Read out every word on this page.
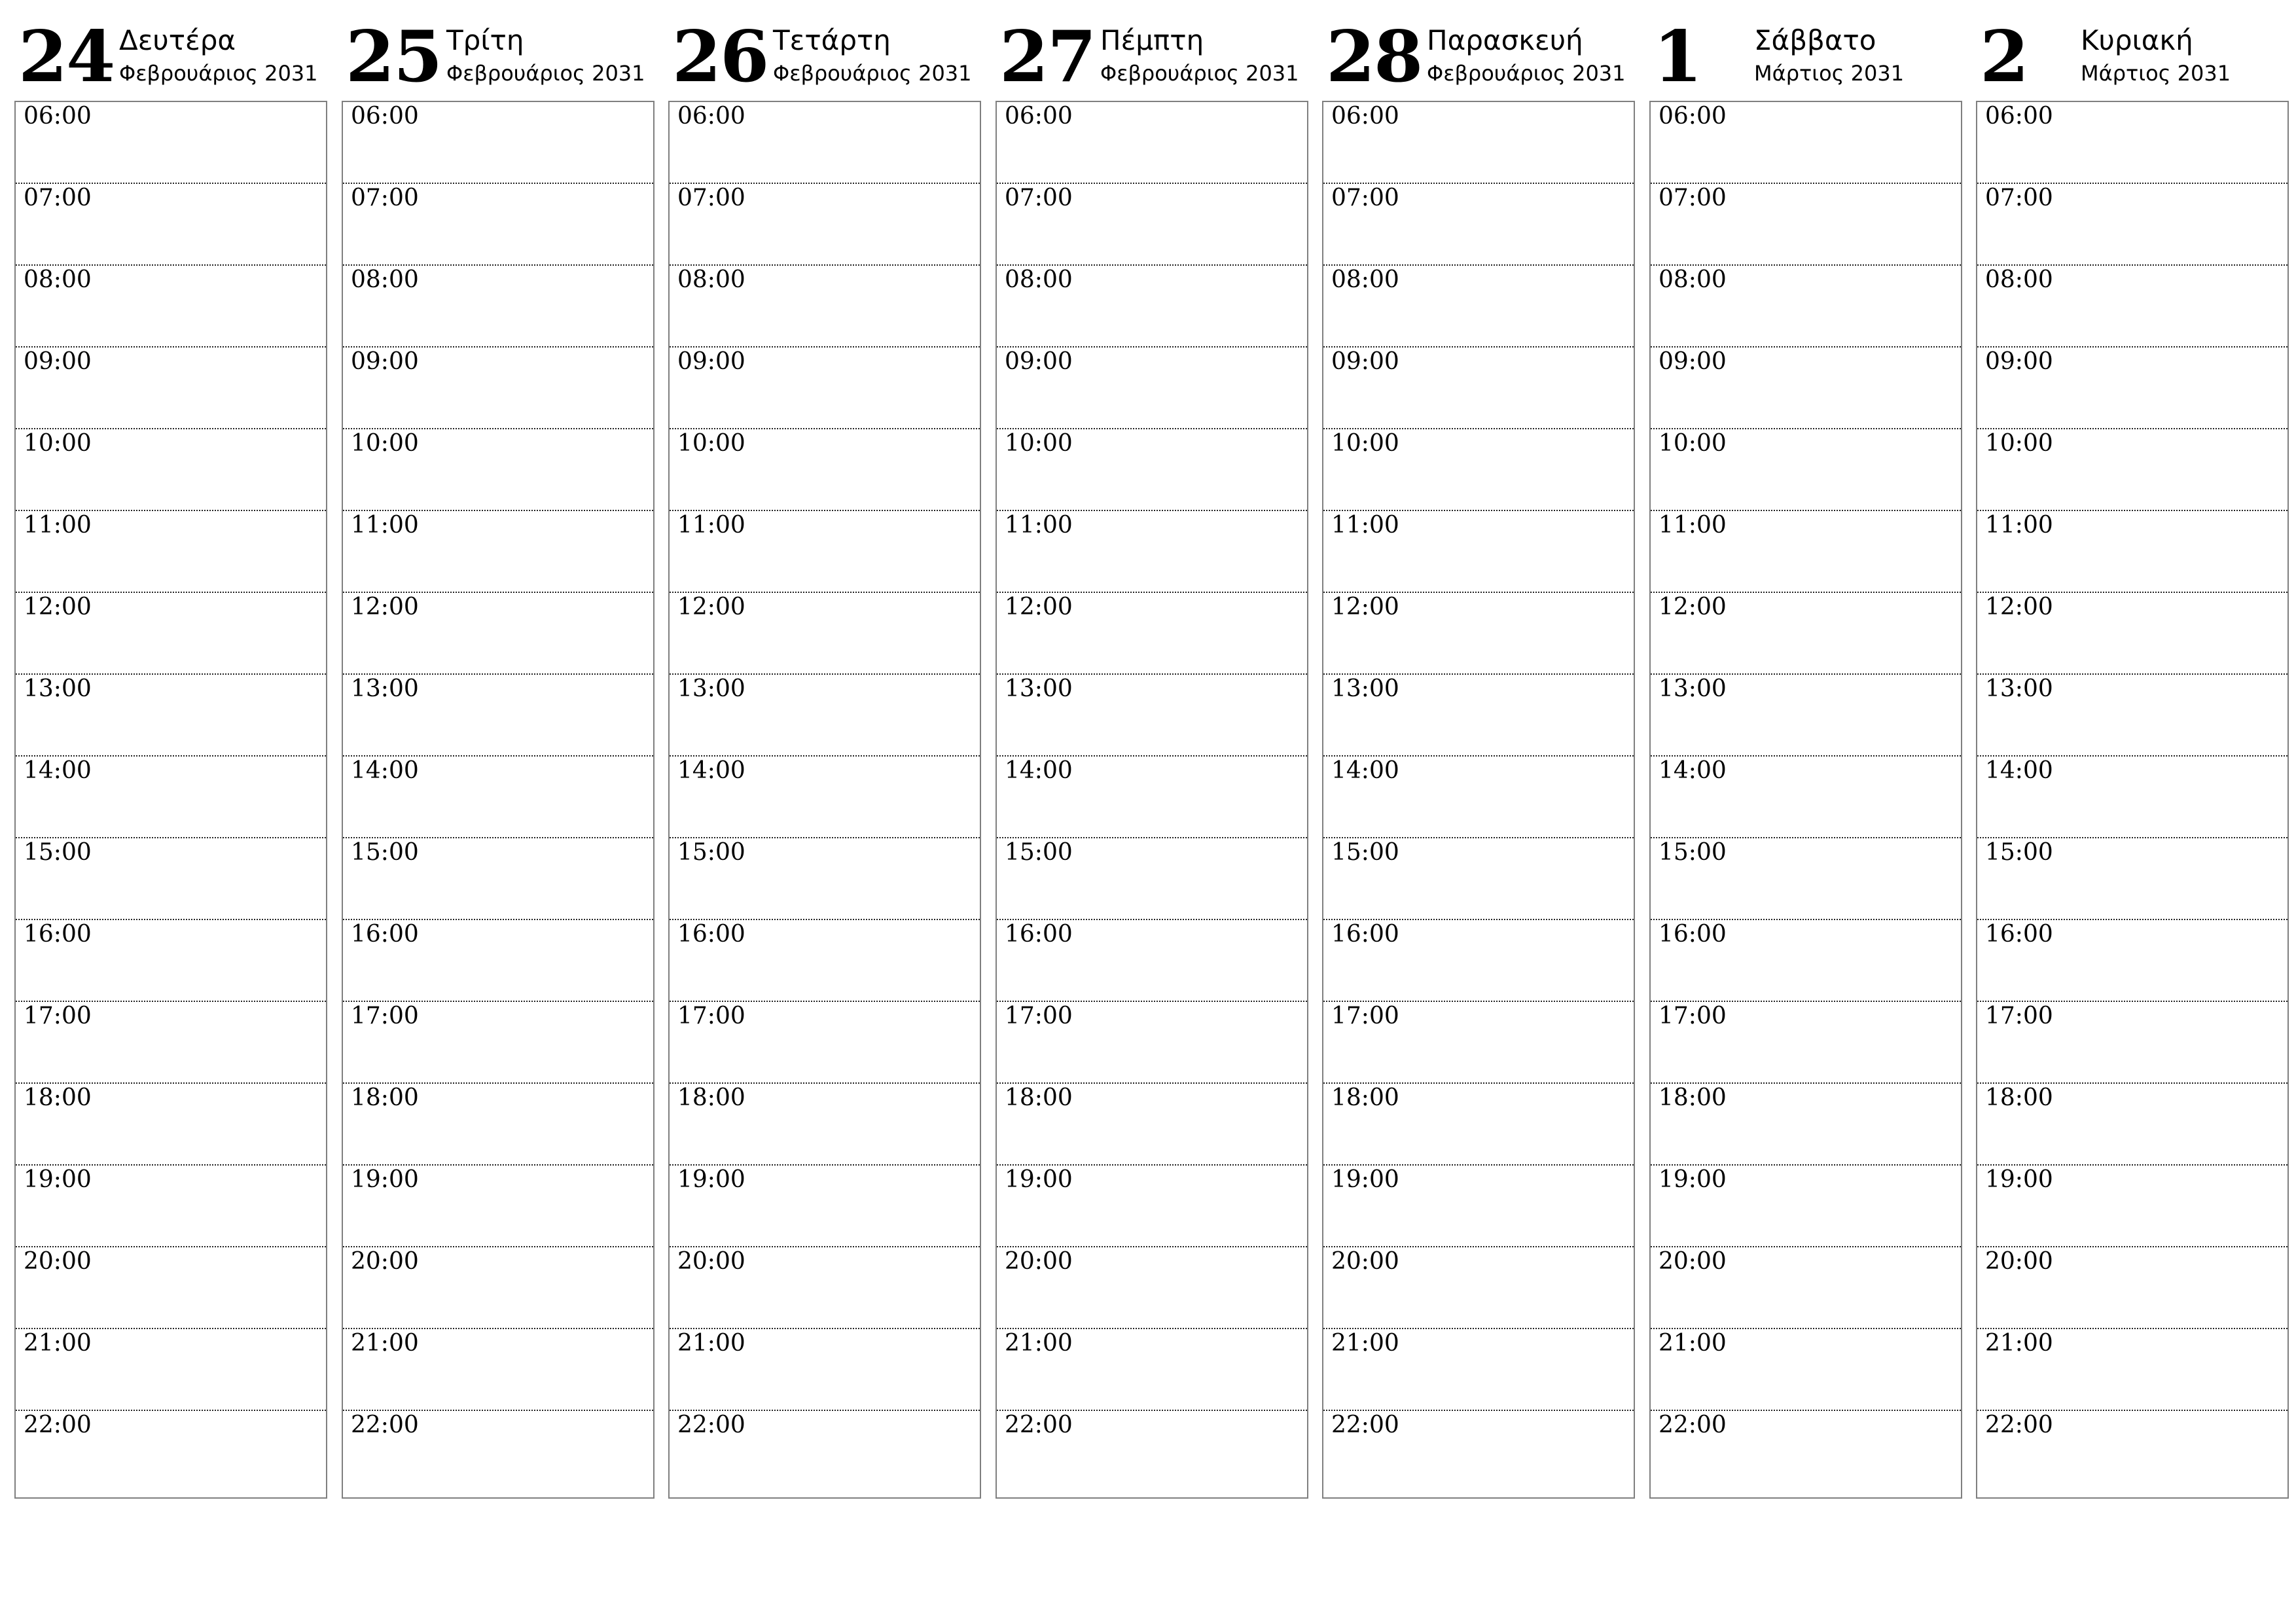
24 Δευτέρα
Φεβρουάριος 2031
06:00
07:00
08:00
09:00
10:00
11:00
12:00
13:00
14:00
15:00
16:00
17:00
18:00
19:00
20:00
21:00
22:00
25 Τρίτη
Φεβρουάριος 2031
06:00
07:00
08:00
09:00
10:00
11:00
12:00
13:00
14:00
15:00
16:00
17:00
18:00
19:00
20:00
21:00
22:00
26 Τετάρτη
Φεβρουάριος 2031
06:00
07:00
08:00
09:00
10:00
11:00
12:00
13:00
14:00
15:00
16:00
17:00
18:00
19:00
20:00
21:00
22:00
27 Πέμπτη
Φεβρουάριος 2031
06:00
07:00
08:00
09:00
10:00
11:00
12:00
13:00
14:00
15:00
16:00
17:00
18:00
19:00
20:00
21:00
22:00
28 Παρασκευή
Φεβρουάριος 2031
06:00
07:00
08:00
09:00
10:00
11:00
12:00
13:00
14:00
15:00
16:00
17:00
18:00
19:00
20:00
21:00
22:00
1 Σάββατο
Μάρτιος 2031
06:00
07:00
08:00
09:00
10:00
11:00
12:00
13:00
14:00
15:00
16:00
17:00
18:00
19:00
20:00
21:00
22:00
2 Κυριακή
Μάρτιος 2031
06:00
07:00
08:00
09:00
10:00
11:00
12:00
13:00
14:00
15:00
16:00
17:00
18:00
19:00
20:00
21:00
22:00
